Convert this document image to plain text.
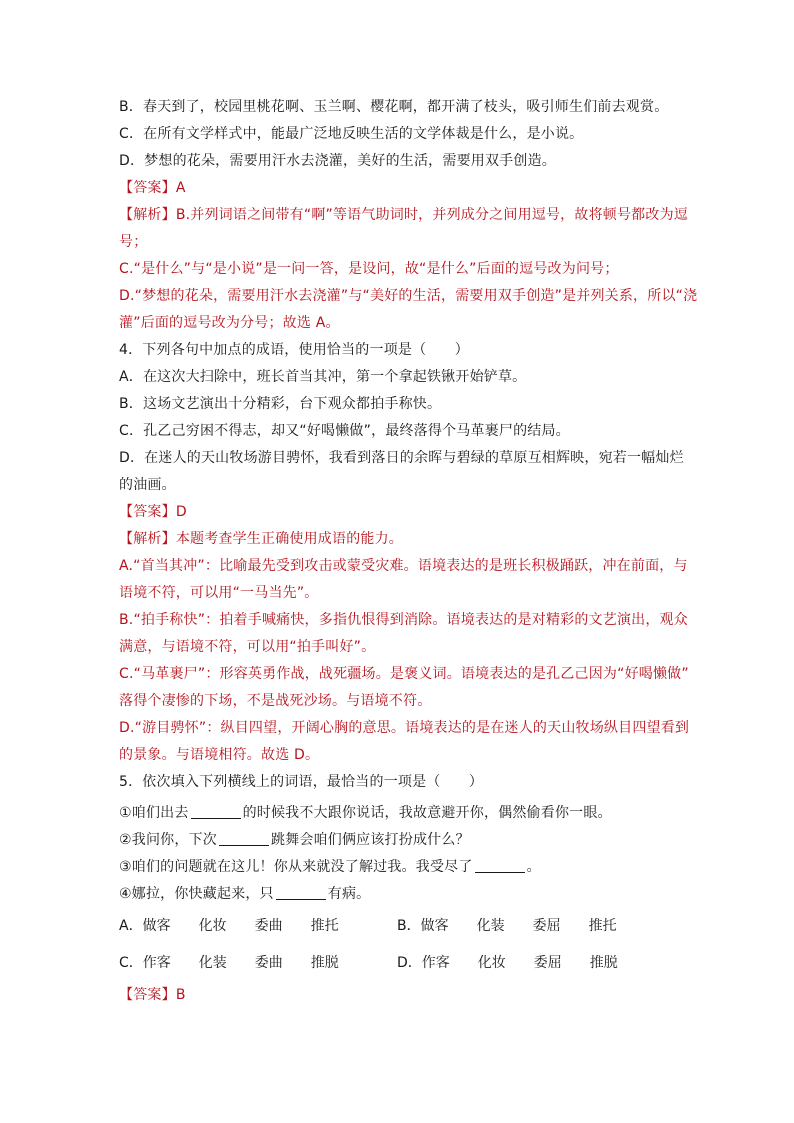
B．春天到了，校园里桃花啊、玉兰啊、樱花啊，都开满了枝头，吸引师生们前去观赏。
C．在所有文学样式中，能最广泛地反映生活的文学体裁是什么，是小说。
D．梦想的花朵，需要用汗水去浇灌，美好的生活，需要用双手创造。
【答案】A
【解析】B.并列词语之间带有“啊”等语气助词时，并列成分之间用逗号，故将顿号都改为逗
号；
C.“是什么”与“是小说”是一问一答，是设问，故“是什么”后面的逗号改为问号；
D.“梦想的花朵，需要用汗水去浇灌”与“美好的生活，需要用双手创造”是并列关系，所以“浇
灌”后面的逗号改为分号；故选 A。
4．下列各句中加点的成语，使用恰当的一项是（　　）
A．在这次大扫除中，班长首当其冲，第一个拿起铁锹开始铲草。
B．这场文艺演出十分精彩，台下观众都拍手称快。
C．孔乙己穷困不得志，却又“好喝懒做”，最终落得个马革裹尸的结局。
D．在迷人的天山牧场游目骋怀，我看到落日的余晖与碧绿的草原互相辉映，宛若一幅灿烂
的油画。
【答案】D
【解析】本题考查学生正确使用成语的能力。
A.“首当其冲”：比喻最先受到攻击或蒙受灾难。语境表达的是班长积极踊跃，冲在前面，与
语境不符，可以用“一马当先”。
B.“拍手称快”：拍着手喊痛快，多指仇恨得到消除。语境表达的是对精彩的文艺演出，观众
满意，与语境不符，可以用“拍手叫好”。
C.“马革裹尸”：形容英勇作战，战死疆场。是褒义词。语境表达的是孔乙己因为“好喝懒做”
落得个凄惨的下场，不是战死沙场。与语境不符。
D.“游目骋怀”：纵目四望，开阔心胸的意思。语境表达的是在迷人的天山牧场纵目四望看到
的景象。与语境相符。故选 D。
5．依次填入下列横线上的词语，最恰当的一项是（　　）
①咱们出去	的时候我不大跟你说话，我故意避开你，偶然偷看你一眼。
②我问你，下次	跳舞会咱们俩应该打扮成什么？
③咱们的问题就在这儿！你从来就没了解过我。我受尽了	。
④娜拉，你快藏起来，只	有病。
A．做客　　化妆　　委曲　　推托	B．做客　　化装　　委屈　　推托
C．作客　　化装　　委曲　　推脱	D．作客　　化妆　　委屈　　推脱
【答案】B
